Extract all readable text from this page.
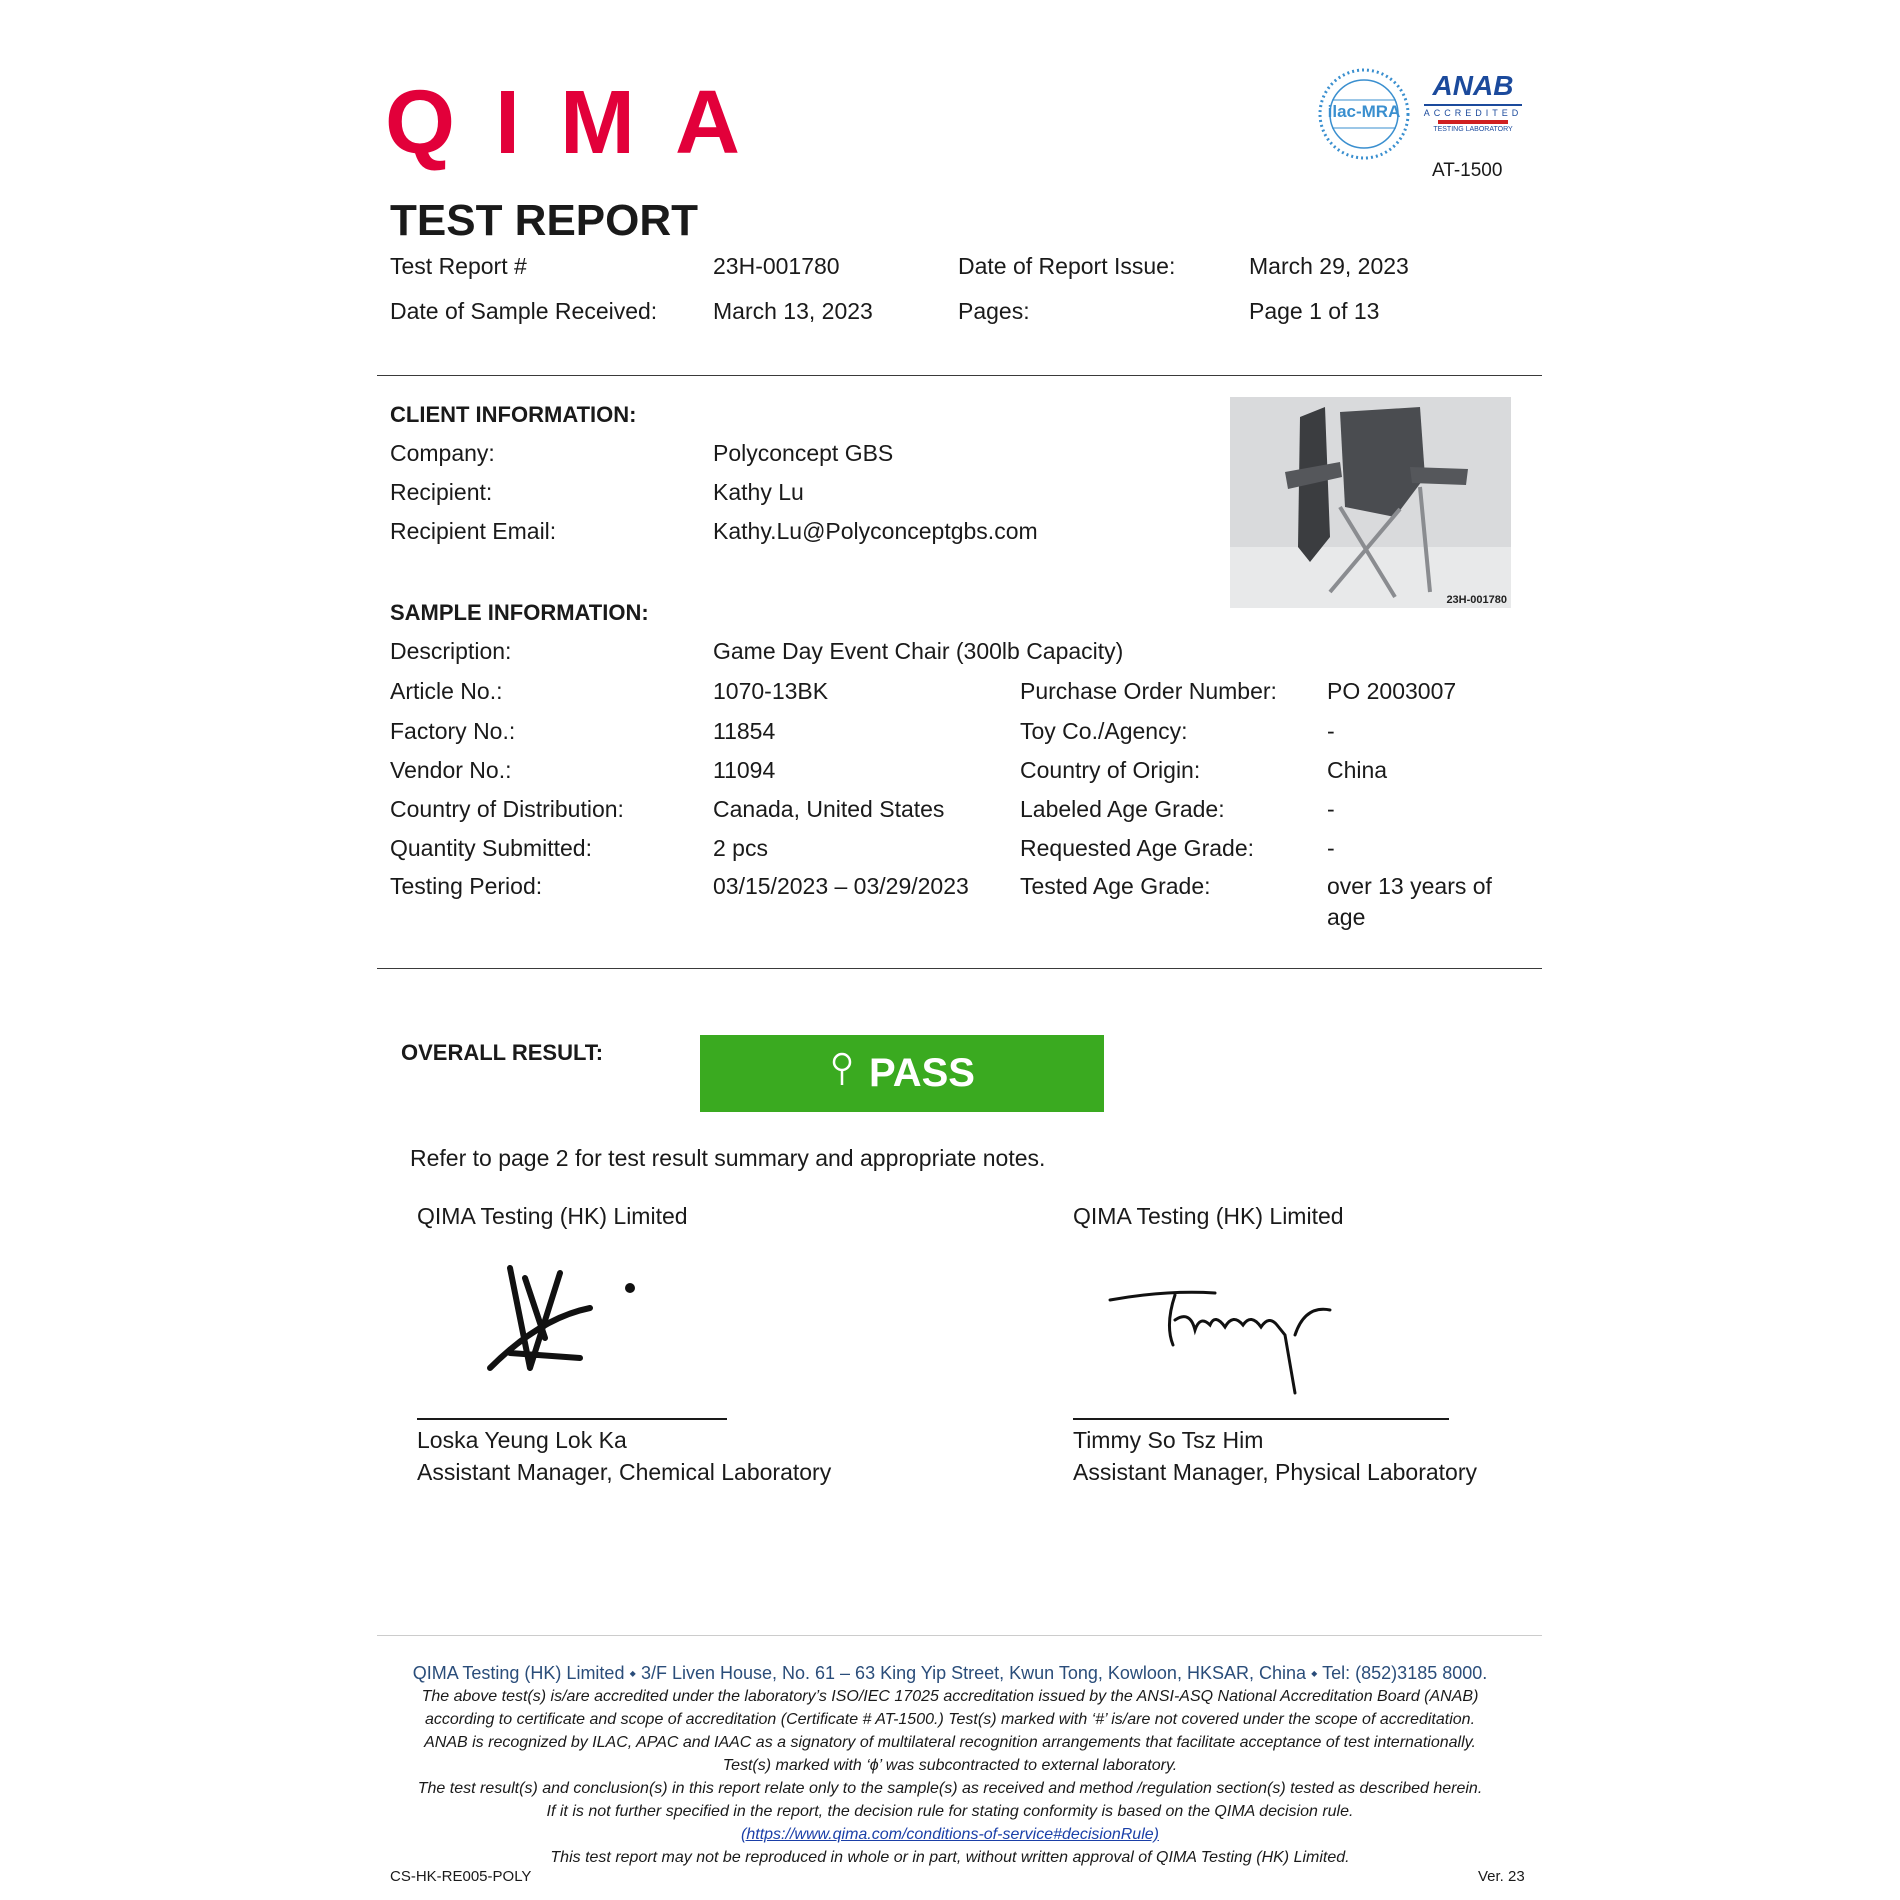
QIMA	ilac-MRA
ANAB
ACCREDITED
TESTING LABORATORY
AT-1500
TEST REPORT
Test Report #	23H-001780	Date of Report Issue:	March 29, 2023
Date of Sample Received: March 13, 2023	Pages:	Page 1 of 13
CLIENT INFORMATION:
Company:	Polyconcept GBS
Recipient:	Kathy Lu
Recipient Email:	Kathy.Lu@Polyconceptgbs.com
23H-001780
SAMPLE INFORMATION:
Description:	Game Day Event Chair (300lb Capacity)
Article No.:	1070-13BK	Purchase Order Number: PO 2003007
Factory No.:	11854	Toy Co./Agency:	-
Vendor No.:	11094	Country of Origin:	China
Country of Distribution:	Canada, United States	Labeled Age Grade:	-
Quantity Submitted:	2 pcs	Requested Age Grade:	-
Testing Period:	03/15/2023 – 03/29/2023 Tested Age Grade:	over 13 years of
age
OVERALL RESULT:	PASS
Refer to page 2 for test result summary and appropriate notes.
QIMA Testing (HK) Limited	QIMA Testing (HK) Limited
Loska Yeung Lok Ka
Assistant Manager, Chemical Laboratory
Timmy So Tsz Him
Assistant Manager, Physical Laboratory
QIMA Testing (HK) Limited ⬩ 3/F Liven House, No. 61 – 63 King Yip Street, Kwun Tong, Kowloon, HKSAR, China ⬩ Tel: (852)3185 8000.
The above test(s) is/are accredited under the laboratory’s ISO/IEC 17025 accreditation issued by the ANSI-ASQ National Accreditation Board (ANAB)
according to certificate and scope of accreditation (Certificate # AT-1500.) Test(s) marked with ‘#’ is/are not covered under the scope of accreditation.
ANAB is recognized by ILAC, APAC and IAAC as a signatory of multilateral recognition arrangements that facilitate acceptance of test internationally.
Test(s) marked with ‘ϕ’ was subcontracted to external laboratory.
The test result(s) and conclusion(s) in this report relate only to the sample(s) as received and method /regulation section(s) tested as described herein.
If it is not further specified in the report, the decision rule for stating conformity is based on the QIMA decision rule.
(https://www.qima.com/conditions-of-service#decisionRule)
This test report may not be reproduced in whole or in part, without written approval of QIMA Testing (HK) Limited.
CS-HK-RE005-POLY	Ver. 23
